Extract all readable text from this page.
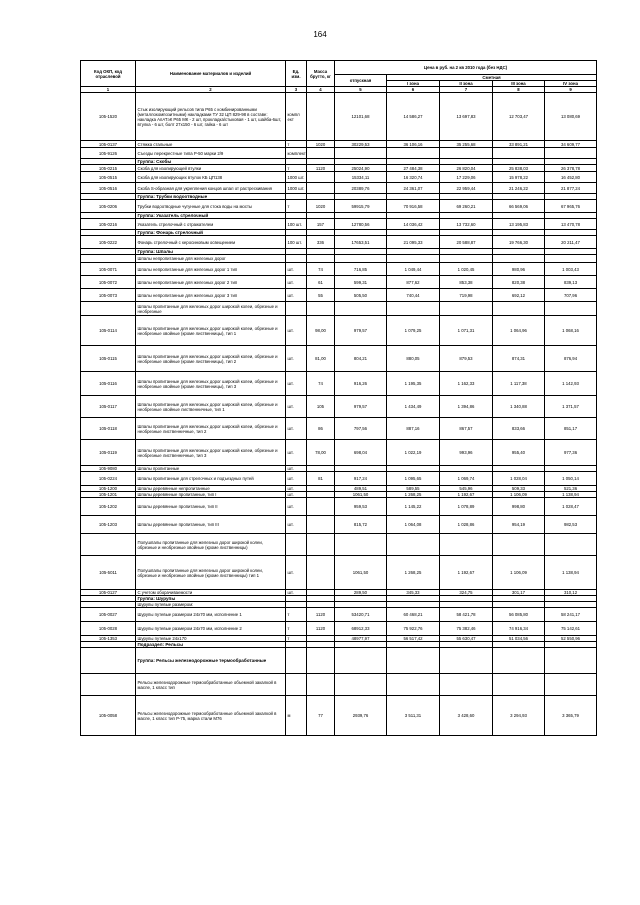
164
Код ОКП, код отраслевой	Наименование материалов и изделий	Ед. изм.	Масса брутто, кг	Цена в руб. на 2 кв 2010 года (без НДС)				
				отпускная	Сметная			
					I зона	II зона	III зона	IV зона
1	2	3	4	5	6	7	8	9
105-1520	Стык изолирующий рельсов типа Р65 с комбинированными (металлокомпозитными) накладками ТУ 32 ЦП 829-98 в составе: накладка АпАТэК Р65 МК - 2 шт, прокладка/стыковая - 1 шт, шайба-6шт, втулка - 6 шт, болт 27х150 - 6 шт, гайка - 6 шт	компл ект		12101,68	14 586,27	13 697,83	12 703,47	13 080,69
105-0137	Стяжка стальные	т	1020	30229,53	36 106,16	35 255,68	33 891,21	34 609,77
105-9126	Съезды перекрестные типа Р-50 марки 2/9	комплект						
	Группа: Скобы							
105-0215	Скоба для изолирующей втулки	т	1120	25024,90	27 484,38	26 820,04	25 838,03	26 378,78
105-0515	Скоба для изолирующих втулок КБ ЦП138	1000 шт.		15334,11	16 320,74	17 229,06	15 978,22	16 452,80
105-0516	Скоба S-образная для укрепления концов шпал от растрескивания	1000 шт.		20389,76	24 361,07	22 959,44	21 246,22	21 877,24
	Группа: Трубки водоотводные							
105-0206	Трубки водоотводные чугунные для стока воды на мосты	т	1020	59915,79	70 916,58	69 260,21	66 569,06	67 965,76
	Группа: Указатель стрелочный							
105-0216	Указатель стрелочный с отражателем	100 шт.	157	12780,56	14 036,42	13 732,60	13 195,83	13 470,78
	Группа: Фонарь стрелочный							
105-0222	Фонарь стрелочный с керосиновым освещением	100 шт.	336	17653,51	21 095,33	20 588,87	19 766,30	20 211,47
	Группа: Шпалы							
	Шпалы непропитанные для железных дорог							
105-0071	Шпалы непропитанные для железных дорог 1 тип	шт.	74	716,85	1 049,44	1 020,45	980,96	1 003,43
105-0072	Шпалы непропитанные для железных дорог 2 тип	шт.	61	599,31	877,62	853,38	820,38	839,13
105-0073	Шпалы непропитанные для железных дорог 3 тип	шт.	55	505,50	740,44	719,98	692,12	707,96
	Шпалы пропитанные для железных дорог широкой колеи, обрезные и необрезные							
105-0114	Шпалы пропитанные для железных дорог широкой колеи, обрезные и необрезные хвойные (кроме лиственницы), тип 1	шт.	98,00	979,57	1 079,25	1 071,31	1 064,96	1 068,16
105-0115	Шпалы пропитанные для железных дорог широкой колеи, обрезные и необрезные хвойные (кроме лиственницы), тип 2	шт.	81,00	804,21	880,05	879,53	874,31	876,94
105-0116	Шпалы пропитанные для железных дорог широкой колеи, обрезные и необрезные хвойные (кроме лиственницы), тип 3	шт.	74	916,26	1 195,35	1 162,33	1 117,38	1 142,93
105-0117	Шпалы пропитанные для железных дорог широкой колеи, обрезные и необрезные хвойные лиственничные, тип 1	шт.	105	979,57	1 434,49	1 394,86	1 340,88	1 371,57
105-0118	Шпалы пропитанные для железных дорог широкой колеи, обрезные и необрезные лиственничные, тип 2	шт.	86	797,56	887,16	867,57	833,66	851,17
105-0119	Шпалы пропитанные для железных дорог широкой колеи, обрезные и необрезные лиственничные, тип 3	шт.	78,00	698,04	1 022,19	993,96	955,40	977,36
105-9080	Шпалы пропитанные	шт.						
105-0224	Шпалы пропитанные для стрелочных и подъездных путей	шт.	81	917,24	1 095,65	1 069,74	1 028,04	1 050,14
105-1200	Шпалы деревянные непропитанные	шт.		489,51	589,55	545,96	509,33	521,36
105-1201	Шпалы деревянные пропитанные, тип I	шт.		1061,50	1 268,25	1 192,67	1 106,09	1 138,94
105-1202	Шпалы деревянные пропитанные, тип II	шт.		959,53	1 145,22	1 078,89	998,80	1 028,47
105-1203	Шпалы деревянные пропитанные, тип III	шт.		815,72	1 064,08	1 028,86	954,19	982,53
	Полушпалы пропитанные для железных дорог широкой колеи, обрезные и необрезные хвойные (кроме лиственницы)							
105-5011	Полушпалы пропитанные для железных дорог широкой колеи, обрезные и необрезные хвойные (кроме лиственницы) тип 1	шт.		1061,50	1 268,25	1 192,67	1 106,09	1 138,94
105-0127	С учетом оборачиваемости	шт.		289,50	345,33	324,75	301,17	310,12
	Группа: Шурупы							
	Шурупы путевые размером:							
105-0027	Шурупы путевые размером 24х70 мм, исполнение 1	т	1120	53420,71	60 468,21	58 421,78	56 085,80	58 241,17
105-0028	Шурупы путевые размером 24х70 мм, исполнение 2	т	1120	68912,33	75 922,76	75 382,46	74 916,34	75 142,61
105-1353	Шурупы путевые 24х170	т		48977,97	56 517,42	55 630,47	51 034,56	52 550,96
	Подраздел: Рельсы							
	Группа: Рельсы железнодорожные термообработанные							
	Рельсы железнодорожные термообработанные объемной закалкой в масле, 1 класс тип							
105-0058	Рельсы железнодорожные термообработанные объемной закалкой в масле, 1 класс тип Р-75, марка стали М76	м	77	2939,76	3 511,31	3 428,60	3 294,93	3 365,79
